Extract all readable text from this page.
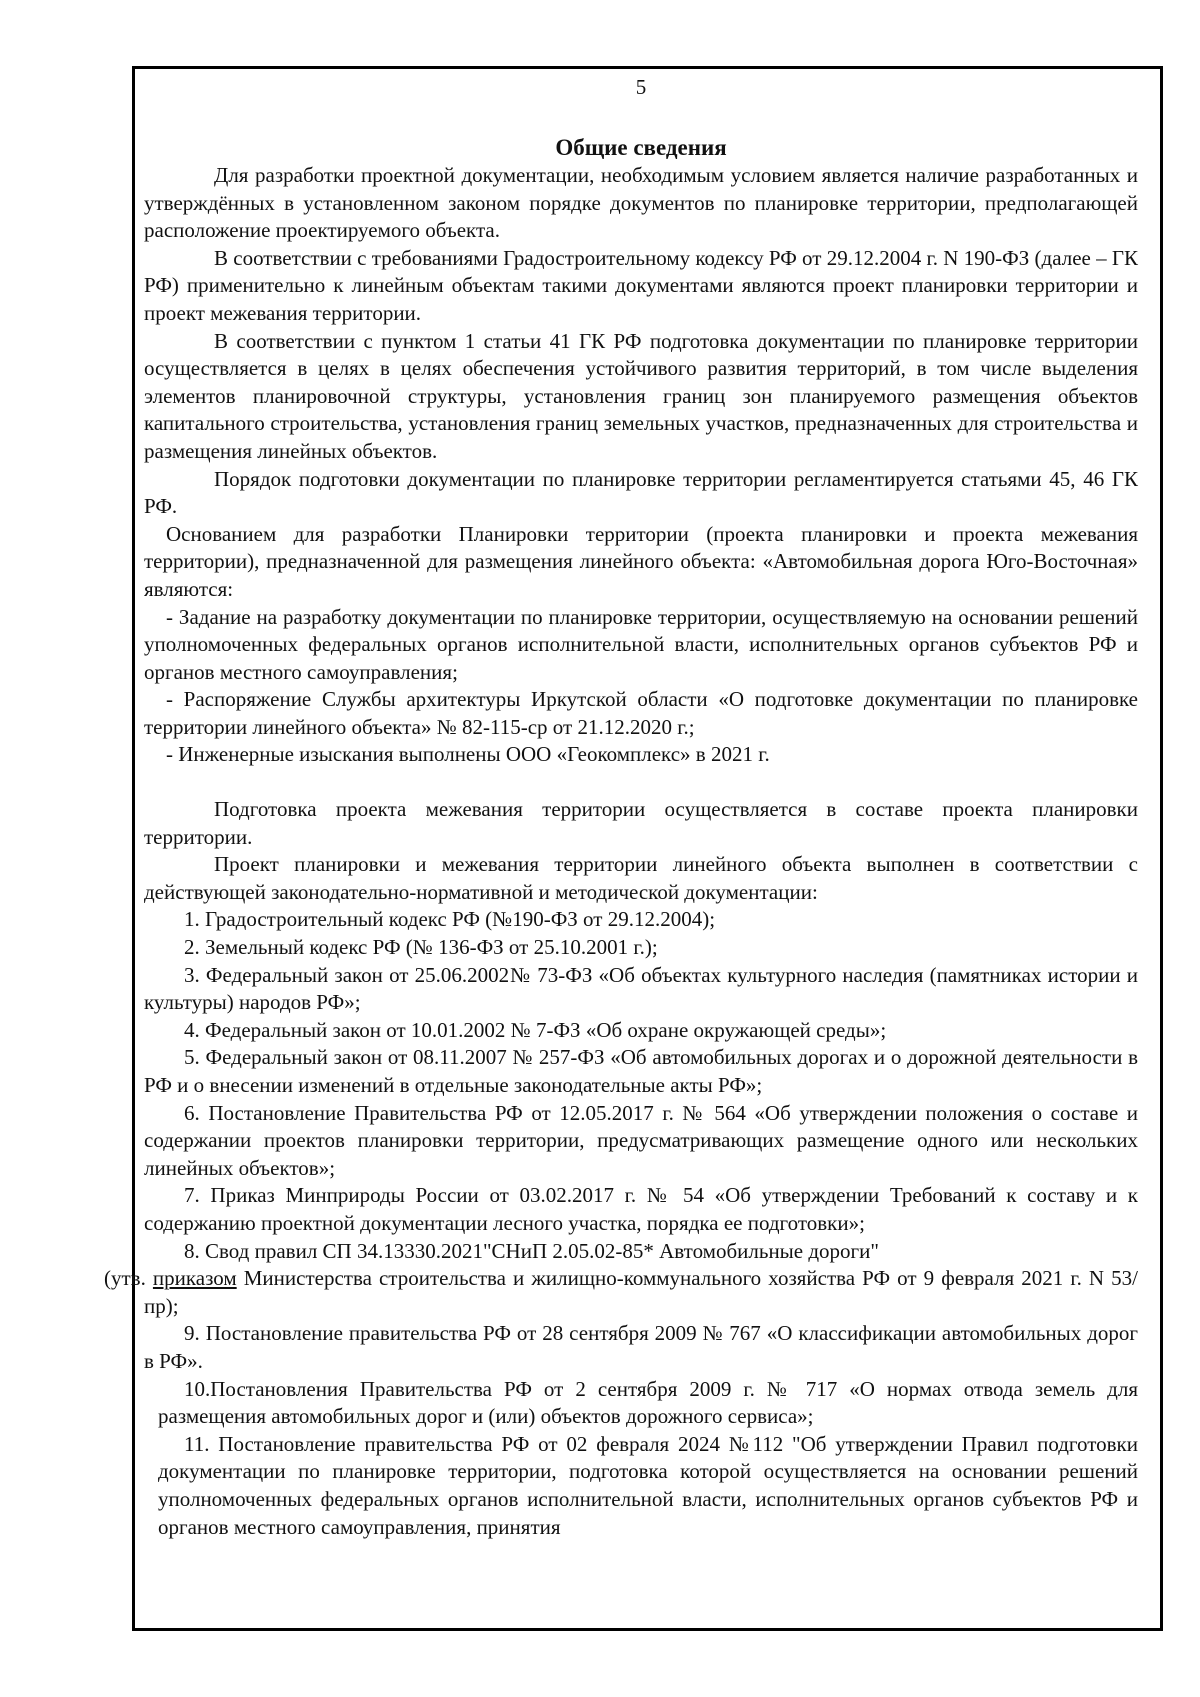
5
Общие сведения

Для разработки проектной документации, необходимым условием является наличие разработанных и утверждённых в установленном законом порядке документов по планировке территории, предполагающей расположение проектируемого объекта.

В соответствии с требованиями Градостроительному кодексу РФ от 29.12.2004 г. N 190-ФЗ (далее – ГК РФ) применительно к линейным объектам такими документами являются проект планировки территории и проект межевания территории.

В соответствии с пунктом 1 статьи 41 ГК РФ подготовка документации по планировке территории осуществляется в целях в целях обеспечения устойчивого развития территорий, в том числе выделения элементов планировочной структуры, установления границ зон планируемого размещения объектов капитального строительства, установления границ земельных участков, предназначенных для строительства и размещения линейных объектов.

Порядок подготовки документации по планировке территории регламентируется статьями 45, 46 ГК РФ.

Основанием для разработки Планировки территории (проекта планировки и проекта межевания территории), предназначенной для размещения линейного объекта: «Автомобильная дорога Юго-Восточная» являются:

- Задание на разработку документации по планировке территории, осуществляемую на основании решений уполномоченных федеральных органов исполнительной власти, исполнительных органов субъектов РФ и органов местного самоуправления;

- Распоряжение Службы архитектуры Иркутской области «О подготовке документации по планировке территории линейного объекта» № 82-115-ср от 21.12.2020 г.;

- Инженерные изыскания выполнены ООО «Геокомплекс» в 2021 г.

Подготовка проекта межевания территории осуществляется в составе проекта планировки территории.

Проект планировки и межевания территории линейного объекта выполнен в соответствии с действующей законодательно-нормативной и методической документации:

1. Градостроительный кодекс РФ (№190-ФЗ от 29.12.2004);

2. Земельный кодекс РФ (№ 136-ФЗ от 25.10.2001 г.);

3. Федеральный закон от 25.06.2002№ 73-ФЗ «Об объектах культурного наследия (памятниках истории и культуры) народов РФ»;

4. Федеральный закон от 10.01.2002 № 7-ФЗ «Об охране окружающей среды»;

5. Федеральный закон от 08.11.2007 № 257-ФЗ «Об автомобильных дорогах и о дорожной деятельности в РФ и о внесении изменений в отдельные законодательные акты РФ»;

6. Постановление Правительства РФ от 12.05.2017 г. № 564 «Об утверждении положения о составе и содержании проектов планировки территории, предусматривающих размещение одного или нескольких линейных объектов»;

7. Приказ Минприроды России от 03.02.2017 г. № 54 «Об утверждении Требований к составу и к содержанию проектной документации лесного участка, порядка ее подготовки»;

8. Свод правил СП 34.13330.2021"СНиП 2.05.02-85* Автомобильные дороги"
(утв. приказом Министерства строительства и жилищно-коммунального хозяйства РФ от 9 февраля 2021 г. N 53/пр);

9. Постановление правительства РФ от 28 сентября 2009 № 767 «О классификации автомобильных дорог в РФ».

10.Постановления Правительства РФ от 2 сентября 2009 г. № 717 «О нормах отвода земель для размещения автомобильных дорог и (или) объектов дорожного сервиса»;

11. Постановление правительства РФ от 02 февраля 2024 №112 "Об утверждении Правил подготовки документации по планировке территории, подготовка которой осуществляется на основании решений уполномоченных федеральных органов исполнительной власти, исполнительных органов субъектов РФ и органов местного самоуправления, принятия
